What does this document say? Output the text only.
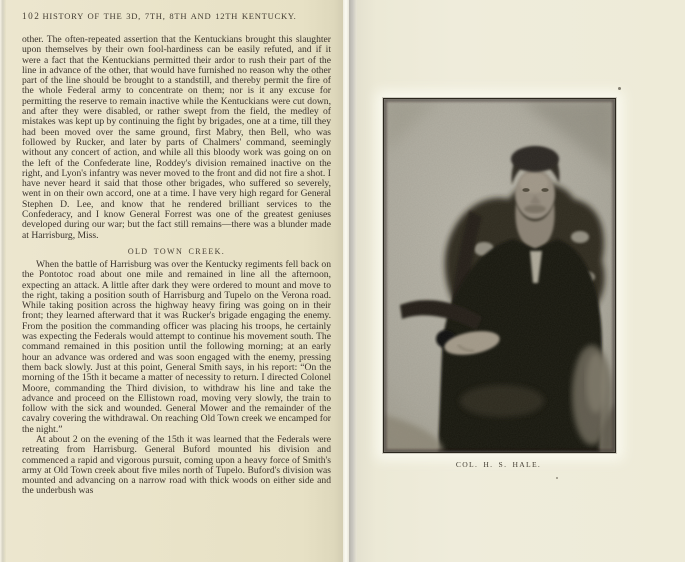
102 HISTORY OF THE 3D, 7TH, 8TH AND 12TH KENTUCKY.

other. The often-repeated assertion that the Kentuckians brought this slaughter upon themselves by their own fool-hardiness can be easily refuted, and if it were a fact that the Kentuckians permitted their ardor to rush their part of the line in advance of the other, that would have furnished no reason why the other part of the line should be brought to a standstill, and thereby permit the fire of the whole Federal army to concentrate on them; nor is it any excuse for permitting the reserve to remain inactive while the Kentuckians were cut down, and after they were disabled, or rather swept from the field, the medley of mistakes was kept up by continuing the fight by brigades, one at a time, till they had been moved over the same ground, first Mabry, then Bell, who was followed by Rucker, and later by parts of Chalmers' command, seemingly without any concert of action, and while all this bloody work was going on on the left of the Confederate line, Roddey's division remained inactive on the right, and Lyon's infantry was never moved to the front and did not fire a shot. I have never heard it said that those other brigades, who suffered so severely, went in on their own accord, one at a time. I have very high regard for General Stephen D. Lee, and know that he rendered brilliant services to the Confederacy, and I know General Forrest was one of the greatest geniuses developed during our war; but the fact still remains—there was a blunder made at Harrisburg, Miss.

OLD TOWN CREEK.

When the battle of Harrisburg was over the Kentucky regiments fell back on the Pontotoc road about one mile and remained in line all the afternoon, expecting an attack. A little after dark they were ordered to mount and move to the right, taking a position south of Harrisburg and Tupelo on the Verona road. While taking position across the highway heavy firing was going on in their front; they learned afterward that it was Rucker's brigade engaging the enemy. From the position the commanding officer was placing his troops, he certainly was expecting the Federals would attempt to continue his movement south. The command remained in this position until the following morning; at an early hour an advance was ordered and was soon engaged with the enemy, pressing them back slowly. Just at this point, General Smith says, in his report: “On the morning of the 15th it became a matter of necessity to return. I directed Colonel Moore, commanding the Third division, to withdraw his line and take the advance and proceed on the Ellistown road, moving very slowly, the train to follow with the sick and wounded. General Mower and the remainder of the cavalry covering the withdrawal. On reaching Old Town creek we encamped for the night.”

At about 2 on the evening of the 15th it was learned that the Federals were retreating from Harrisburg. General Buford mounted his division and commenced a rapid and vigorous pursuit, coming upon a heavy force of Smith's army at Old Town creek about five miles north of Tupelo. Buford's division was mounted and advancing on a narrow road with thick woods on either side and the underbush was

COL. H. S. HALE.
